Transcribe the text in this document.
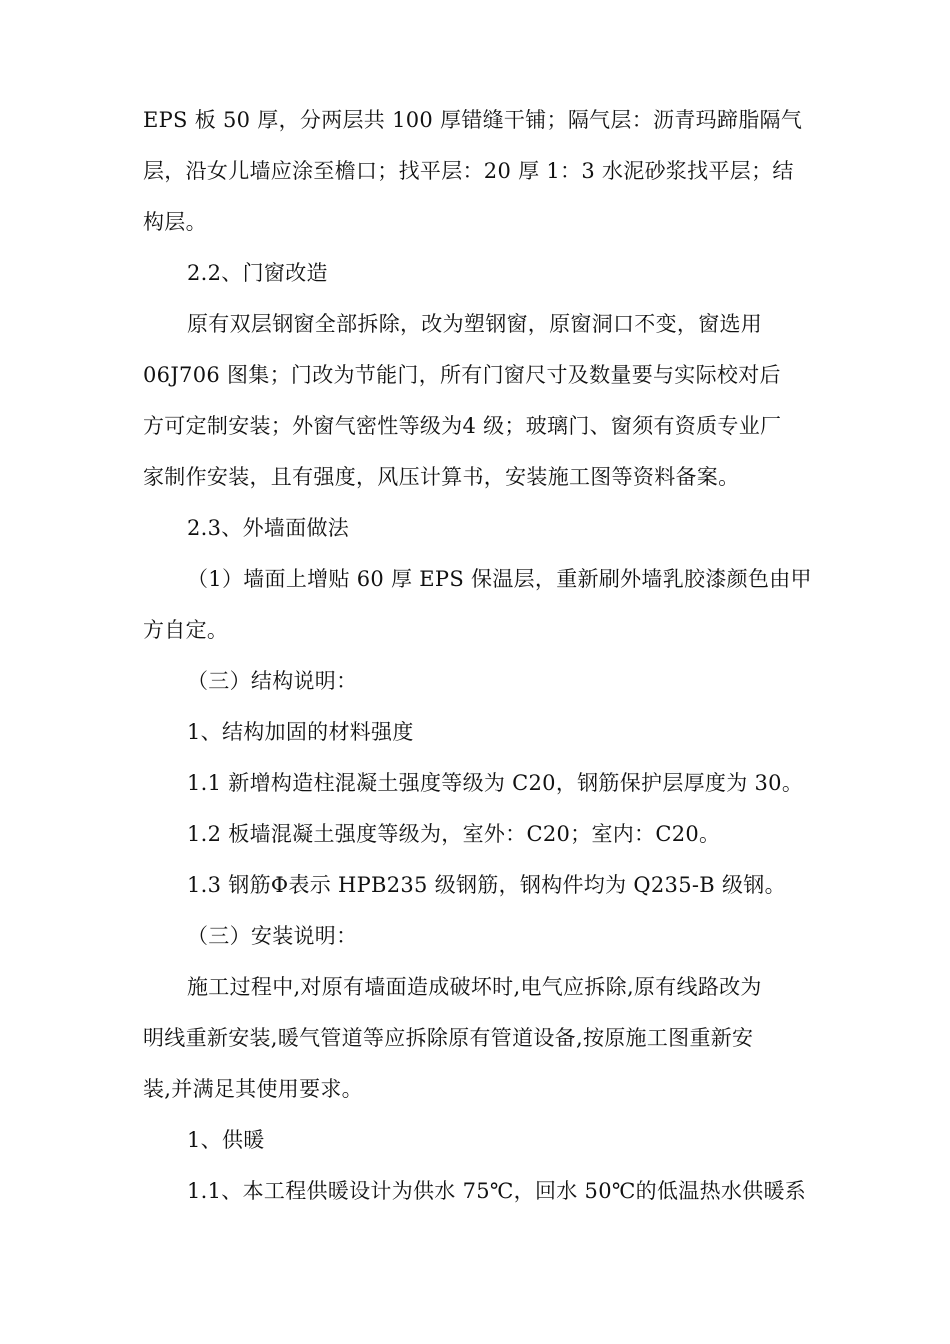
EPS 板 50 厚，分两层共 100 厚错缝干铺；隔气层：沥青玛蹄脂隔气
层，沿女儿墙应涂至檐口；找平层：20 厚 1：3 水泥砂浆找平层；结
构层。
2.2、门窗改造
原有双层钢窗全部拆除，改为塑钢窗，原窗洞口不变，窗选用
06J706 图集；门改为节能门，所有门窗尺寸及数量要与实际校对后
方可定制安装；外窗气密性等级为4 级；玻璃门、窗须有资质专业厂
家制作安装，且有强度，风压计算书，安装施工图等资料备案。
2.3、外墙面做法
（1）墙面上增贴 60 厚 EPS 保温层，重新刷外墙乳胶漆颜色由甲
方自定。
（三）结构说明：
1、结构加固的材料强度
1.1 新增构造柱混凝土强度等级为 C20，钢筋保护层厚度为 30。
1.2 板墙混凝土强度等级为，室外：C20；室内：C20。
1.3 钢筋Φ表示 HPB235 级钢筋，钢构件均为 Q235-B 级钢。
（三）安装说明：
施工过程中,对原有墙面造成破坏时,电气应拆除,原有线路改为
明线重新安装,暖气管道等应拆除原有管道设备,按原施工图重新安
装,并满足其使用要求。
1、供暖
1.1、本工程供暖设计为供水 75℃，回水 50℃的低温热水供暖系
